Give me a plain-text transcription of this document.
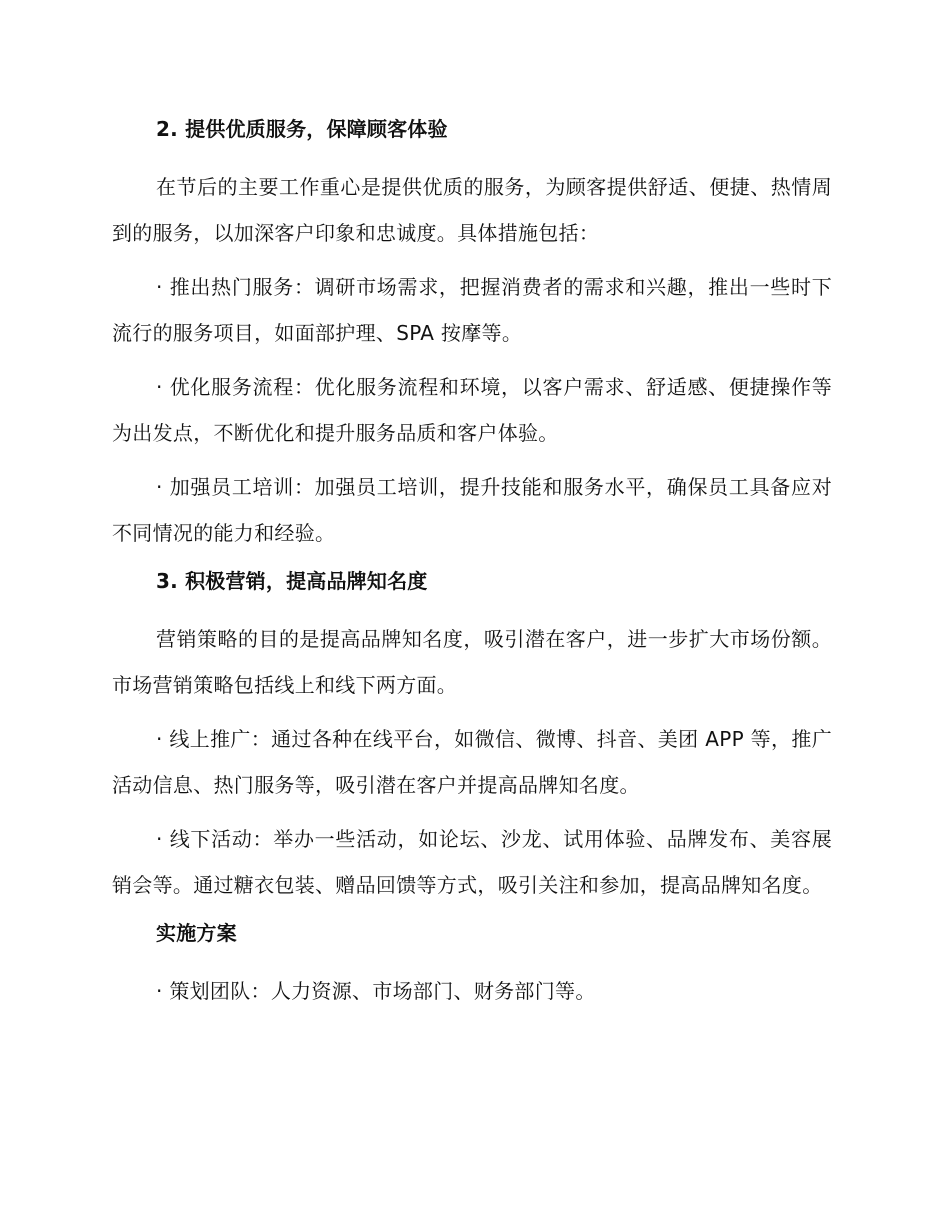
2. 提供优质服务，保障顾客体验
在节后的主要工作重心是提供优质的服务，为顾客提供舒适、便捷、热情周到的服务，以加深客户印象和忠诚度。具体措施包括：
· 推出热门服务：调研市场需求，把握消费者的需求和兴趣，推出一些时下流行的服务项目，如面部护理、SPA 按摩等。
· 优化服务流程：优化服务流程和环境，以客户需求、舒适感、便捷操作等为出发点，不断优化和提升服务品质和客户体验。
· 加强员工培训：加强员工培训，提升技能和服务水平，确保员工具备应对不同情况的能力和经验。
3. 积极营销，提高品牌知名度
营销策略的目的是提高品牌知名度，吸引潜在客户，进一步扩大市场份额。市场营销策略包括线上和线下两方面。
· 线上推广：通过各种在线平台，如微信、微博、抖音、美团 APP 等，推广活动信息、热门服务等，吸引潜在客户并提高品牌知名度。
· 线下活动：举办一些活动，如论坛、沙龙、试用体验、品牌发布、美容展销会等。通过糖衣包装、赠品回馈等方式，吸引关注和参加，提高品牌知名度。
实施方案
· 策划团队：人力资源、市场部门、财务部门等。
